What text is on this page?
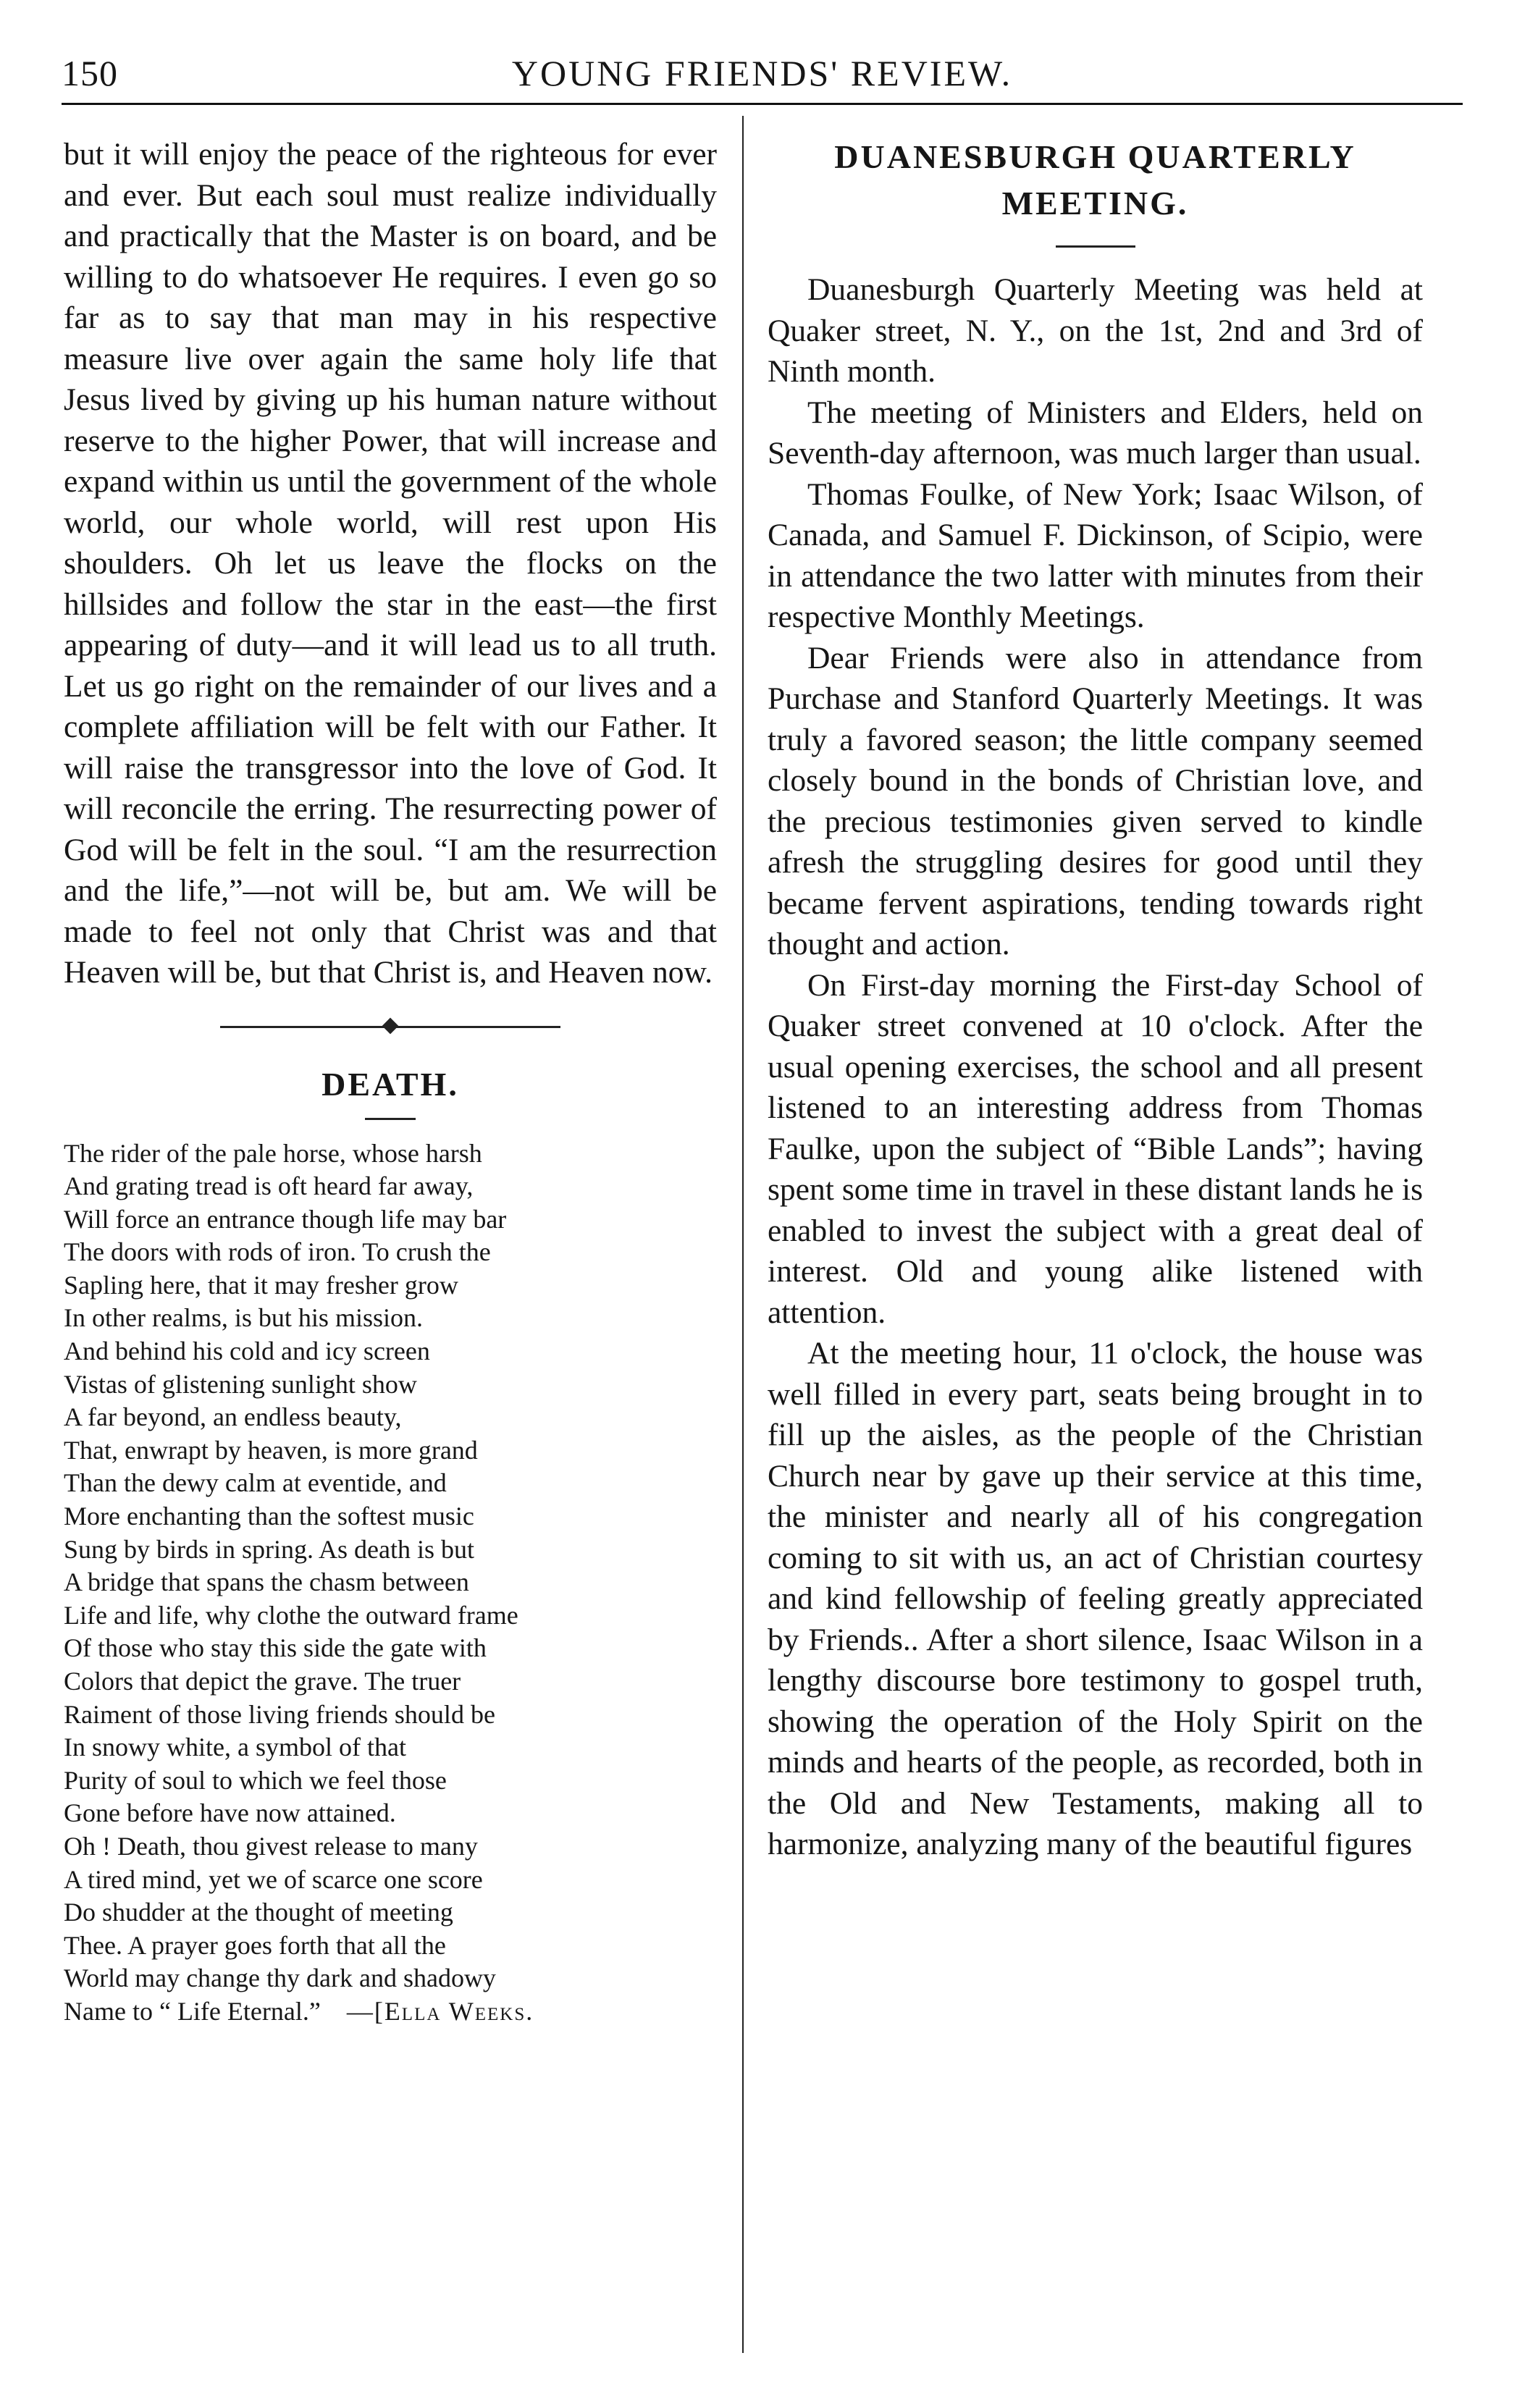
150	YOUNG FRIENDS' REVIEW.

but it will enjoy the peace of the righteous for ever and ever. But each soul must realize individually and practically that the Master is on board, and be willing to do whatsoever He requires. I even go so far as to say that man may in his respective measure live over again the same holy life that Jesus lived by giving up his human nature without reserve to the higher Power, that will increase and expand within us until the government of the whole world, our whole world, will rest upon His shoulders. Oh let us leave the flocks on the hillsides and follow the star in the east—the first appearing of duty—and it will lead us to all truth. Let us go right on the remainder of our lives and a complete affiliation will be felt with our Father. It will raise the transgressor into the love of God. It will reconcile the erring. The resurrecting power of God will be felt in the soul. “I am the resurrection and the life,”—not will be, but am. We will be made to feel not only that Christ was and that Heaven will be, but that Christ is, and Heaven now.

DEATH.

The rider of the pale horse, whose harsh

And grating tread is oft heard far away,

Will force an entrance though life may bar

The doors with rods of iron. To crush the

Sapling here, that it may fresher grow

In other realms, is but his mission.

And behind his cold and icy screen

Vistas of glistening sunlight show

A far beyond, an endless beauty,

That, enwrapt by heaven, is more grand

Than the dewy calm at eventide, and

More enchanting than the softest music

Sung by birds in spring. As death is but

A bridge that spans the chasm between

Life and life, why clothe the outward frame

Of those who stay this side the gate with

Colors that depict the grave. The truer

Raiment of those living friends should be

In snowy white, a symbol of that

Purity of soul to which we feel those

Gone before have now attained.

Oh ! Death, thou givest release to many

A tired mind, yet we of scarce one score

Do shudder at the thought of meeting

Thee. A prayer goes forth that all the

World may change thy dark and shadowy

Name to “ Life Eternal.” —[Ella Weeks.

DUANESBURGH QUARTERLY
MEETING.

Duanesburgh Quarterly Meeting was held at Quaker street, N. Y., on the 1st, 2nd and 3rd of Ninth month.

The meeting of Ministers and Elders, held on Seventh-day afternoon, was much larger than usual.

Thomas Foulke, of New York; Isaac Wilson, of Canada, and Samuel F. Dickinson, of Scipio, were in attendance the two latter with minutes from their respective Monthly Meetings.

Dear Friends were also in attendance from Purchase and Stanford Quarterly Meetings. It was truly a favored season; the little company seemed closely bound in the bonds of Christian love, and the precious testimonies given served to kindle afresh the struggling desires for good until they became fervent aspirations, tending towards right thought and action.

On First-day morning the First-day School of Quaker street convened at 10 o'clock. After the usual opening exercises, the school and all present listened to an interesting address from Thomas Faulke, upon the subject of “Bible Lands”; having spent some time in travel in these distant lands he is enabled to invest the subject with a great deal of interest. Old and young alike listened with attention.

At the meeting hour, 11 o'clock, the house was well filled in every part, seats being brought in to fill up the aisles, as the people of the Christian Church near by gave up their service at this time, the minister and nearly all of his congregation coming to sit with us, an act of Christian courtesy and kind fellowship of feeling greatly appreciated by Friends.. After a short silence, Isaac Wilson in a lengthy discourse bore testimony to gospel truth, showing the operation of the Holy Spirit on the minds and hearts of the people, as recorded, both in the Old and New Testaments, making all to harmonize, analyzing many of the beautiful figures
